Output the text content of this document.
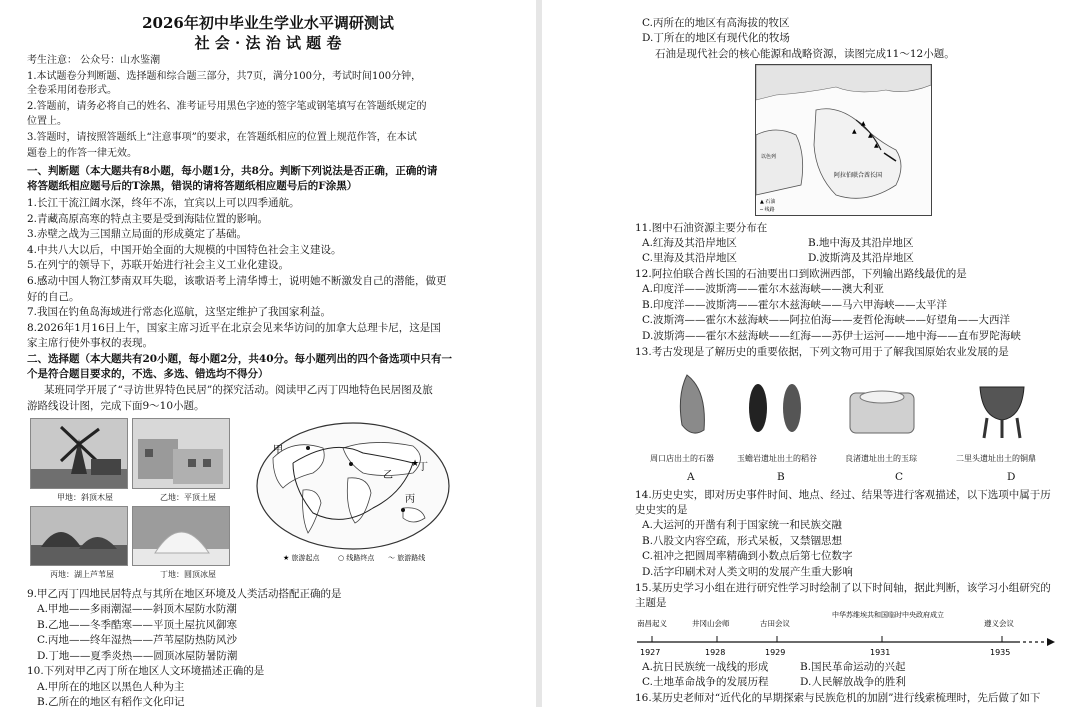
2026年初中毕业生学业水平调研测试
社 会 · 法 治 试 题 卷
考生注意： 公众号：山水鉴潮
1.本试题卷分判断题、选择题和综合题三部分，共7页，满分100分，考试时间100分钟，
全卷采用闭卷形式。
2.答题前，请务必将自己的姓名、准考证号用黑色字迹的签字笔或钢笔填写在答题纸规定的
位置上。
3.答题时，请按照答题纸上“注意事项”的要求，在答题纸相应的位置上规范作答，在本试
题卷上的作答一律无效。
一、判断题（本大题共有8小题，每小题1分，共8分。判断下列说法是否正确，正确的请
将答题纸相应题号后的T涂黑，错误的请将答题纸相应题号后的F涂黑）
1.长江干流江阔水深，终年不冻，宜宾以上可以四季通航。
2.青藏高原高寒的特点主要是受到海陆位置的影响。
3.赤壁之战为三国鼎立局面的形成奠定了基础。
4.中共八大以后，中国开始全面的大规模的中国特色社会主义建设。
5.在列宁的领导下，苏联开始进行社会主义工业化建设。
6.感动中国人物江梦南双耳失聪，该歌语考上清华博士，说明她不断激发自己的潜能，做更
好的自己。
7.我国在钓鱼岛海域进行常态化巡航，这坚定维护了我国家利益。
8.2026年1月16日上午，国家主席习近平在北京会见来华访问的加拿大总理卡尼，这是国
家主席行使外事权的表现。
二、选择题（本大题共有20小题，每小题2分，共40分。每小题列出的四个备选项中只有一
个是符合题目要求的，不选、多选、错选均不得分）
某班同学开展了“寻访世界特色民居”的探究活动。阅读甲乙丙丁四地特色民居图及旅
游路线设计图，完成下面9～10小题。
甲地：斜顶木屋	乙地：平顶土屋
丙地：湖上芦苇屋	丁地：圆顶冰屋
甲
乙
丙
丁
★
★ 旅游起点	○ 线路终点 ～ 旅游路线
9.甲乙丙丁四地民居特点与其所在地区环境及人类活动搭配正确的是
A.甲地——多雨潮湿——斜顶木屋防水防潮
B.乙地——冬季酷寒——平顶土屋抗风御寒
C.丙地——终年湿热——芦苇屋防热防风沙
D.丁地——夏季炎热——圆顶冰屋防暑防潮
10.下列对甲乙丙丁所在地区人文环境描述正确的是
A.甲所在的地区以黑色人种为主
B.乙所在的地区有稻作文化印记
C.丙所在的地区有高海拔的牧区
D.丁所在的地区有现代化的牧场
石油是现代社会的核心能源和战略资源，读图完成11～12小题。
▲
▲
▲
▲
以色列
阿拉伯联合酋长国
▲ 石油
─ 线路
11.图中石油资源主要分布在
A.红海及其沿岸地区	B.地中海及其沿岸地区
C.里海及其沿岸地区	D.波斯湾及其沿岸地区
12.阿拉伯联合酋长国的石油要出口到欧洲西部，下列输出路线最优的是
A.印度洋——波斯湾——霍尔木兹海峡——澳大利亚
B.印度洋——波斯湾——霍尔木兹海峡——马六甲海峡——太平洋
C.波斯湾——霍尔木兹海峡——阿拉伯海——麦哲伦海峡——好望角——大西洋
D.波斯湾——霍尔木兹海峡——红海——苏伊士运河——地中海——直布罗陀海峡
13.考古发现是了解历史的重要依据，下列文物可用于了解我国原始农业发展的是
周口店出土的石器	玉蟾岩遗址出土的稻谷	良渚遗址出土的玉琮	二里头遗址出土的铜鼎
A	B	C	D
14.历史史实，即对历史事件时间、地点、经过、结果等进行客观描述，以下选项中属于历
史史实的是
A.大运河的开凿有利于国家统一和民族交融
B.八股文内容空疏，形式呆板，又禁锢思想
C.祖冲之把圆周率精确到小数点后第七位数字
D.活字印刷术对人类文明的发展产生重大影响
15.某历史学习小组在进行研究性学习时绘制了以下时间轴，据此判断，该学习小组研究的
主题是
南昌起义	井冈山会师	古田会议
中华苏维埃共和国临时中央政府成立
遵义会议
1927	1928	1929	1931	1935
A.抗日民族统一战线的形成	B.国民革命运动的兴起
C.土地革命战争的发展历程	D.人民解放战争的胜利
16.某历史老师对“近代化的早期探索与民族危机的加剧”进行线索梳理时，先后做了如下
